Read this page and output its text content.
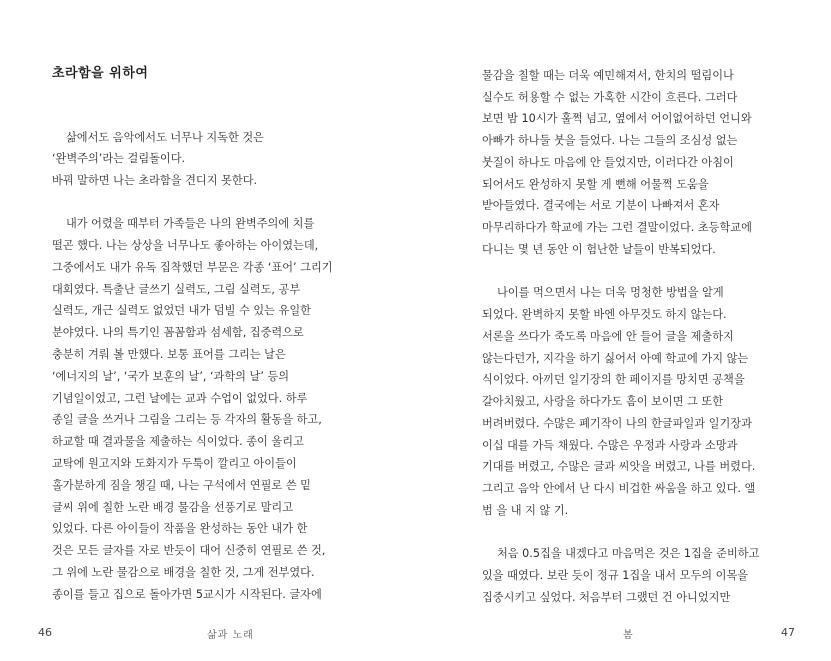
초라함을 위하여
삶에서도 음악에서도 너무나 지독한 것은
‘완벽주의’라는 걸림돌이다.
바꿔 말하면 나는 초라함을 견디지 못한다.
내가 어렸을 때부터 가족들은 나의 완벽주의에 치를
떨곤 했다. 나는 상상을 너무나도 좋아하는 아이였는데,
그중에서도 내가 유독 집착했던 부문은 각종 ‘표어’ 그리기
대회였다. 특출난 글쓰기 실력도, 그림 실력도, 공부
실력도, 개근 실력도 없었던 내가 덤빌 수 있는 유일한
분야였다. 나의 특기인 꼼꼼함과 섬세함, 집중력으로
충분히 겨뤄 볼 만했다. 보통 표어를 그리는 날은
‘에너지의 날’, ‘국가 보훈의 날’, ‘과학의 날’ 등의
기념일이었고, 그런 날에는 교과 수업이 없었다. 하루
종일 글을 쓰거나 그림을 그리는 등 각자의 활동을 하고,
하교할 때 결과물을 제출하는 식이었다. 종이 울리고
교탁에 원고지와 도화지가 두툭이 깔리고 아이들이
홀가분하게 짐을 챙길 때, 나는 구석에서 연필로 쓴 밑
글씨 위에 칠한 노란 배경 물감을 선풍기로 말리고
있었다. 다른 아이들이 작품을 완성하는 동안 내가 한
것은 모든 글자를 자로 반듯이 대어 신중히 연필로 쓴 것,
그 위에 노란 물감으로 배경을 칠한 것, 그게 전부였다.
종이를 들고 집으로 돌아가면 5교시가 시작된다. 글자에
46	삶과 노래
물감을 칠할 때는 더욱 예민해져서, 한치의 떨림이나
실수도 허용할 수 없는 가혹한 시간이 흐른다. 그러다
보면 밤 10시가 훌쩍 넘고, 옆에서 어이없어하던 언니와
아빠가 하나둘 붓을 들었다. 나는 그들의 조심성 없는
붓질이 하나도 마음에 안 들었지만, 이러다간 아침이
되어서도 완성하지 못할 게 뻔해 어물쩍 도움을
받아들였다. 결국에는 서로 기분이 나빠져서 혼자
마무리하다가 학교에 가는 그런 결말이었다. 초등학교에
다니는 몇 년 동안 이 험난한 날들이 반복되었다.
나이를 먹으면서 나는 더욱 멍청한 방법을 알게
되었다. 완벽하지 못할 바엔 아무것도 하지 않는다.
서론을 쓰다가 죽도록 마음에 안 들어 글을 제출하지
않는다던가, 지각을 하기 싫어서 아예 학교에 가지 않는
식이었다. 아끼던 일기장의 한 페이지를 망치면 공책을
갈아치웠고, 사랑을 하다가도 흠이 보이면 그 또한
버려버렸다. 수많은 폐기작이 나의 한글파일과 일기장과
이십 대를 가득 채웠다. 수많은 우정과 사랑과 소망과
기대를 버렸고, 수많은 글과 씨앗을 버렸고, 나를 버렸다.
그리고 음악 안에서 난 다시 비겁한 싸움을 하고 있다. 앨
범 을 내 지 않 기.
처음 0.5집을 내겠다고 마음먹은 것은 1집을 준비하고
있을 때였다. 보란 듯이 정규 1집을 내서 모두의 이목을
집중시키고 싶었다. 처음부터 그랬던 건 아니었지만
봄	47
